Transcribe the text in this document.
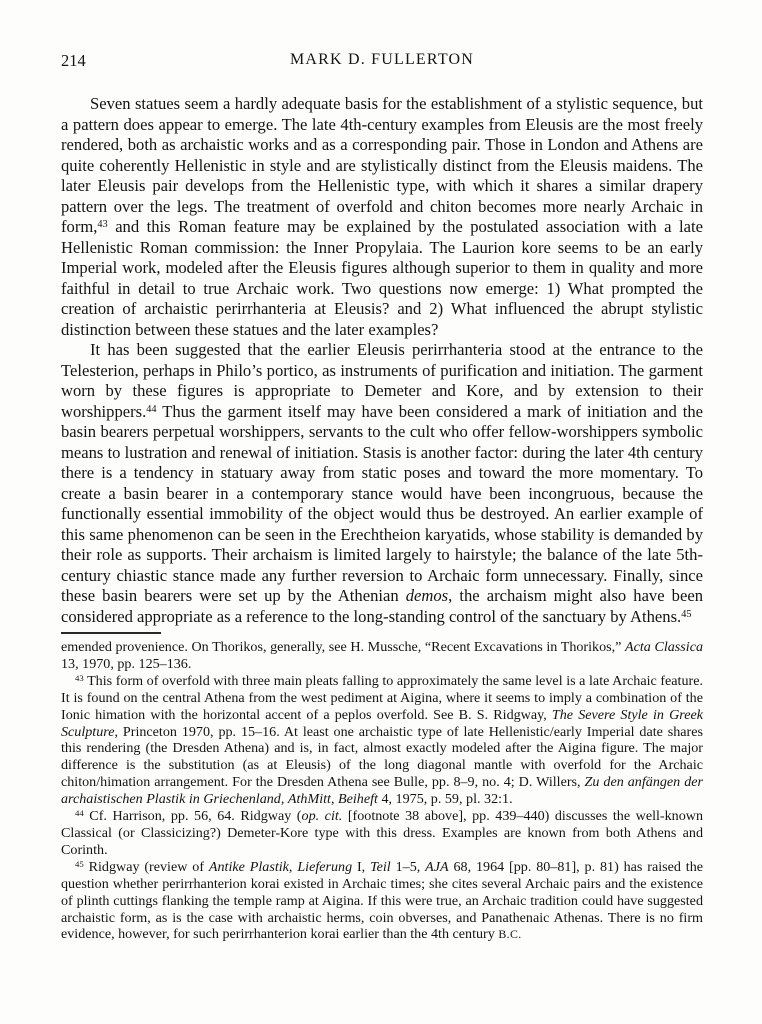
214	MARK D. FULLERTON

Seven statues seem a hardly adequate basis for the establishment of a stylistic sequence, but a pattern does appear to emerge. The late 4th-century examples from Eleusis are the most freely rendered, both as archaistic works and as a corresponding pair. Those in London and Athens are quite coherently Hellenistic in style and are stylistically distinct from the Eleusis maidens. The later Eleusis pair develops from the Hellenistic type, with which it shares a similar drapery pattern over the legs. The treatment of overfold and chiton becomes more nearly Archaic in form,$^{43}$ and this Roman feature may be explained by the postulated association with a late Hellenistic Roman commission: the Inner Propylaia. The Laurion kore seems to be an early Imperial work, modeled after the Eleusis figures although superior to them in quality and more faithful in detail to true Archaic work. Two questions now emerge: 1) What prompted the creation of archaistic perirrhanteria at Eleusis? and 2) What influenced the abrupt stylistic distinction between these statues and the later examples?

It has been suggested that the earlier Eleusis perirrhanteria stood at the entrance to the Telesterion, perhaps in Philo’s portico, as instruments of purification and initiation. The garment worn by these figures is appropriate to Demeter and Kore, and by extension to their worshippers.$^{44}$ Thus the garment itself may have been considered a mark of initiation and the basin bearers perpetual worshippers, servants to the cult who offer fellow-worshippers symbolic means to lustration and renewal of initiation. Stasis is another factor: during the later 4th century there is a tendency in statuary away from static poses and toward the more momentary. To create a basin bearer in a contemporary stance would have been incongruous, because the functionally essential immobility of the object would thus be destroyed. An earlier example of this same phenomenon can be seen in the Erechtheion karyatids, whose stability is demanded by their role as supports. Their archaism is limited largely to hairstyle; the balance of the late 5th-century chiastic stance made any further reversion to Archaic form unnecessary. Finally, since these basin bearers were set up by the Athenian demos, the archaism might also have been considered appropriate as a reference to the long-standing control of the sanctuary by Athens.$^{45}$

emended provenience. On Thorikos, generally, see H. Mussche, “Recent Excavations in Thorikos,” Acta Classica 13, 1970, pp. 125–136.

$^{43}$ This form of overfold with three main pleats falling to approximately the same level is a late Archaic feature. It is found on the central Athena from the west pediment at Aigina, where it seems to imply a combination of the Ionic himation with the horizontal accent of a peplos overfold. See B. S. Ridgway, The Severe Style in Greek Sculpture, Princeton 1970, pp. 15–16. At least one archaistic type of late Hellenistic/early Imperial date shares this rendering (the Dresden Athena) and is, in fact, almost exactly modeled after the Aigina figure. The major difference is the substitution (as at Eleusis) of the long diagonal mantle with overfold for the Archaic chiton/himation arrangement. For the Dresden Athena see Bulle, pp. 8–9, no. 4; D. Willers, Zu den anfängen der archaistischen Plastik in Griechenland, AthMitt, Beiheft 4, 1975, p. 59, pl. 32:1.

$^{44}$ Cf. Harrison, pp. 56, 64. Ridgway (op. cit. [footnote 38 above], pp. 439–440) discusses the well-known Classical (or Classicizing?) Demeter-Kore type with this dress. Examples are known from both Athens and Corinth.

$^{45}$ Ridgway (review of Antike Plastik, Lieferung I, Teil 1–5, AJA 68, 1964 [pp. 80–81], p. 81) has raised the question whether perirrhanterion korai existed in Archaic times; she cites several Archaic pairs and the existence of plinth cuttings flanking the temple ramp at Aigina. If this were true, an Archaic tradition could have suggested archaistic form, as is the case with archaistic herms, coin obverses, and Panathenaic Athenas. There is no firm evidence, however, for such perirrhanterion korai earlier than the 4th century B.C.
